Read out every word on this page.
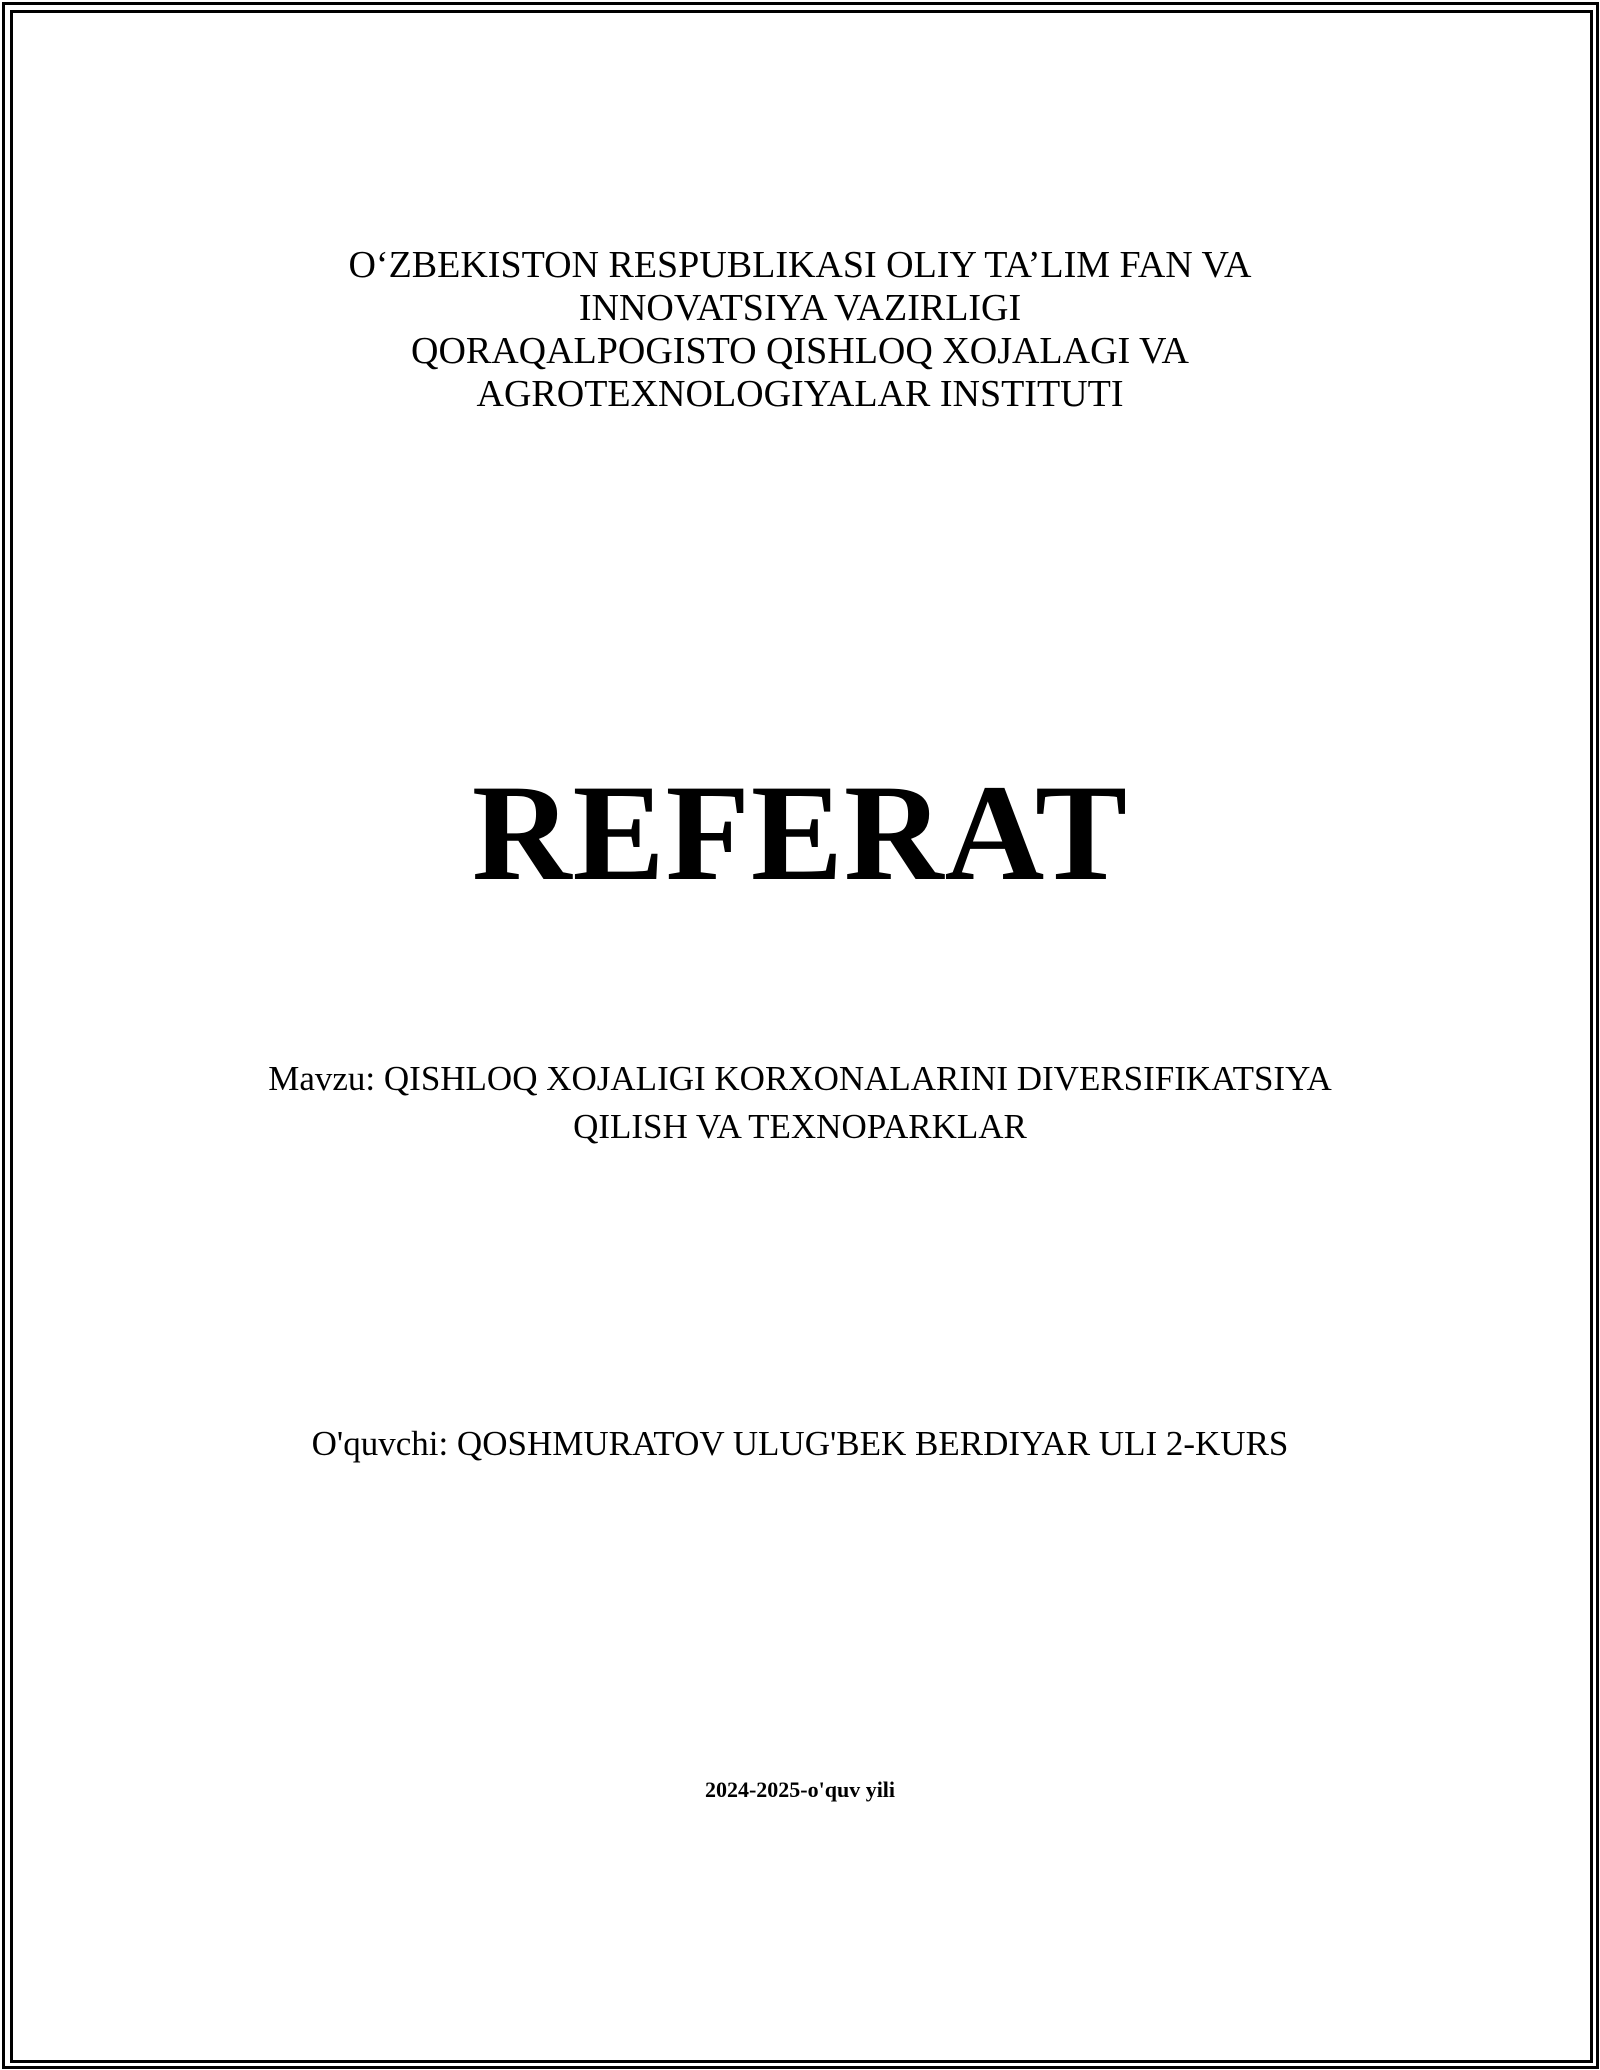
O‘ZBEKISTON RESPUBLIKASI OLIY TA’LIM FAN VA
INNOVATSIYA VAZIRLIGI
QORAQALPOGISTO QISHLOQ XOJALAGI VA
AGROTEXNOLOGIYALAR INSTITUTI
REFERAT
Mavzu: QISHLOQ XOJALIGI KORXONALARINI DIVERSIFIKATSIYA
QILISH VA TEXNOPARKLAR
O'quvchi: QOSHMURATOV ULUG'BEK BERDIYAR ULI 2-KURS
2024-2025-o'quv yili
